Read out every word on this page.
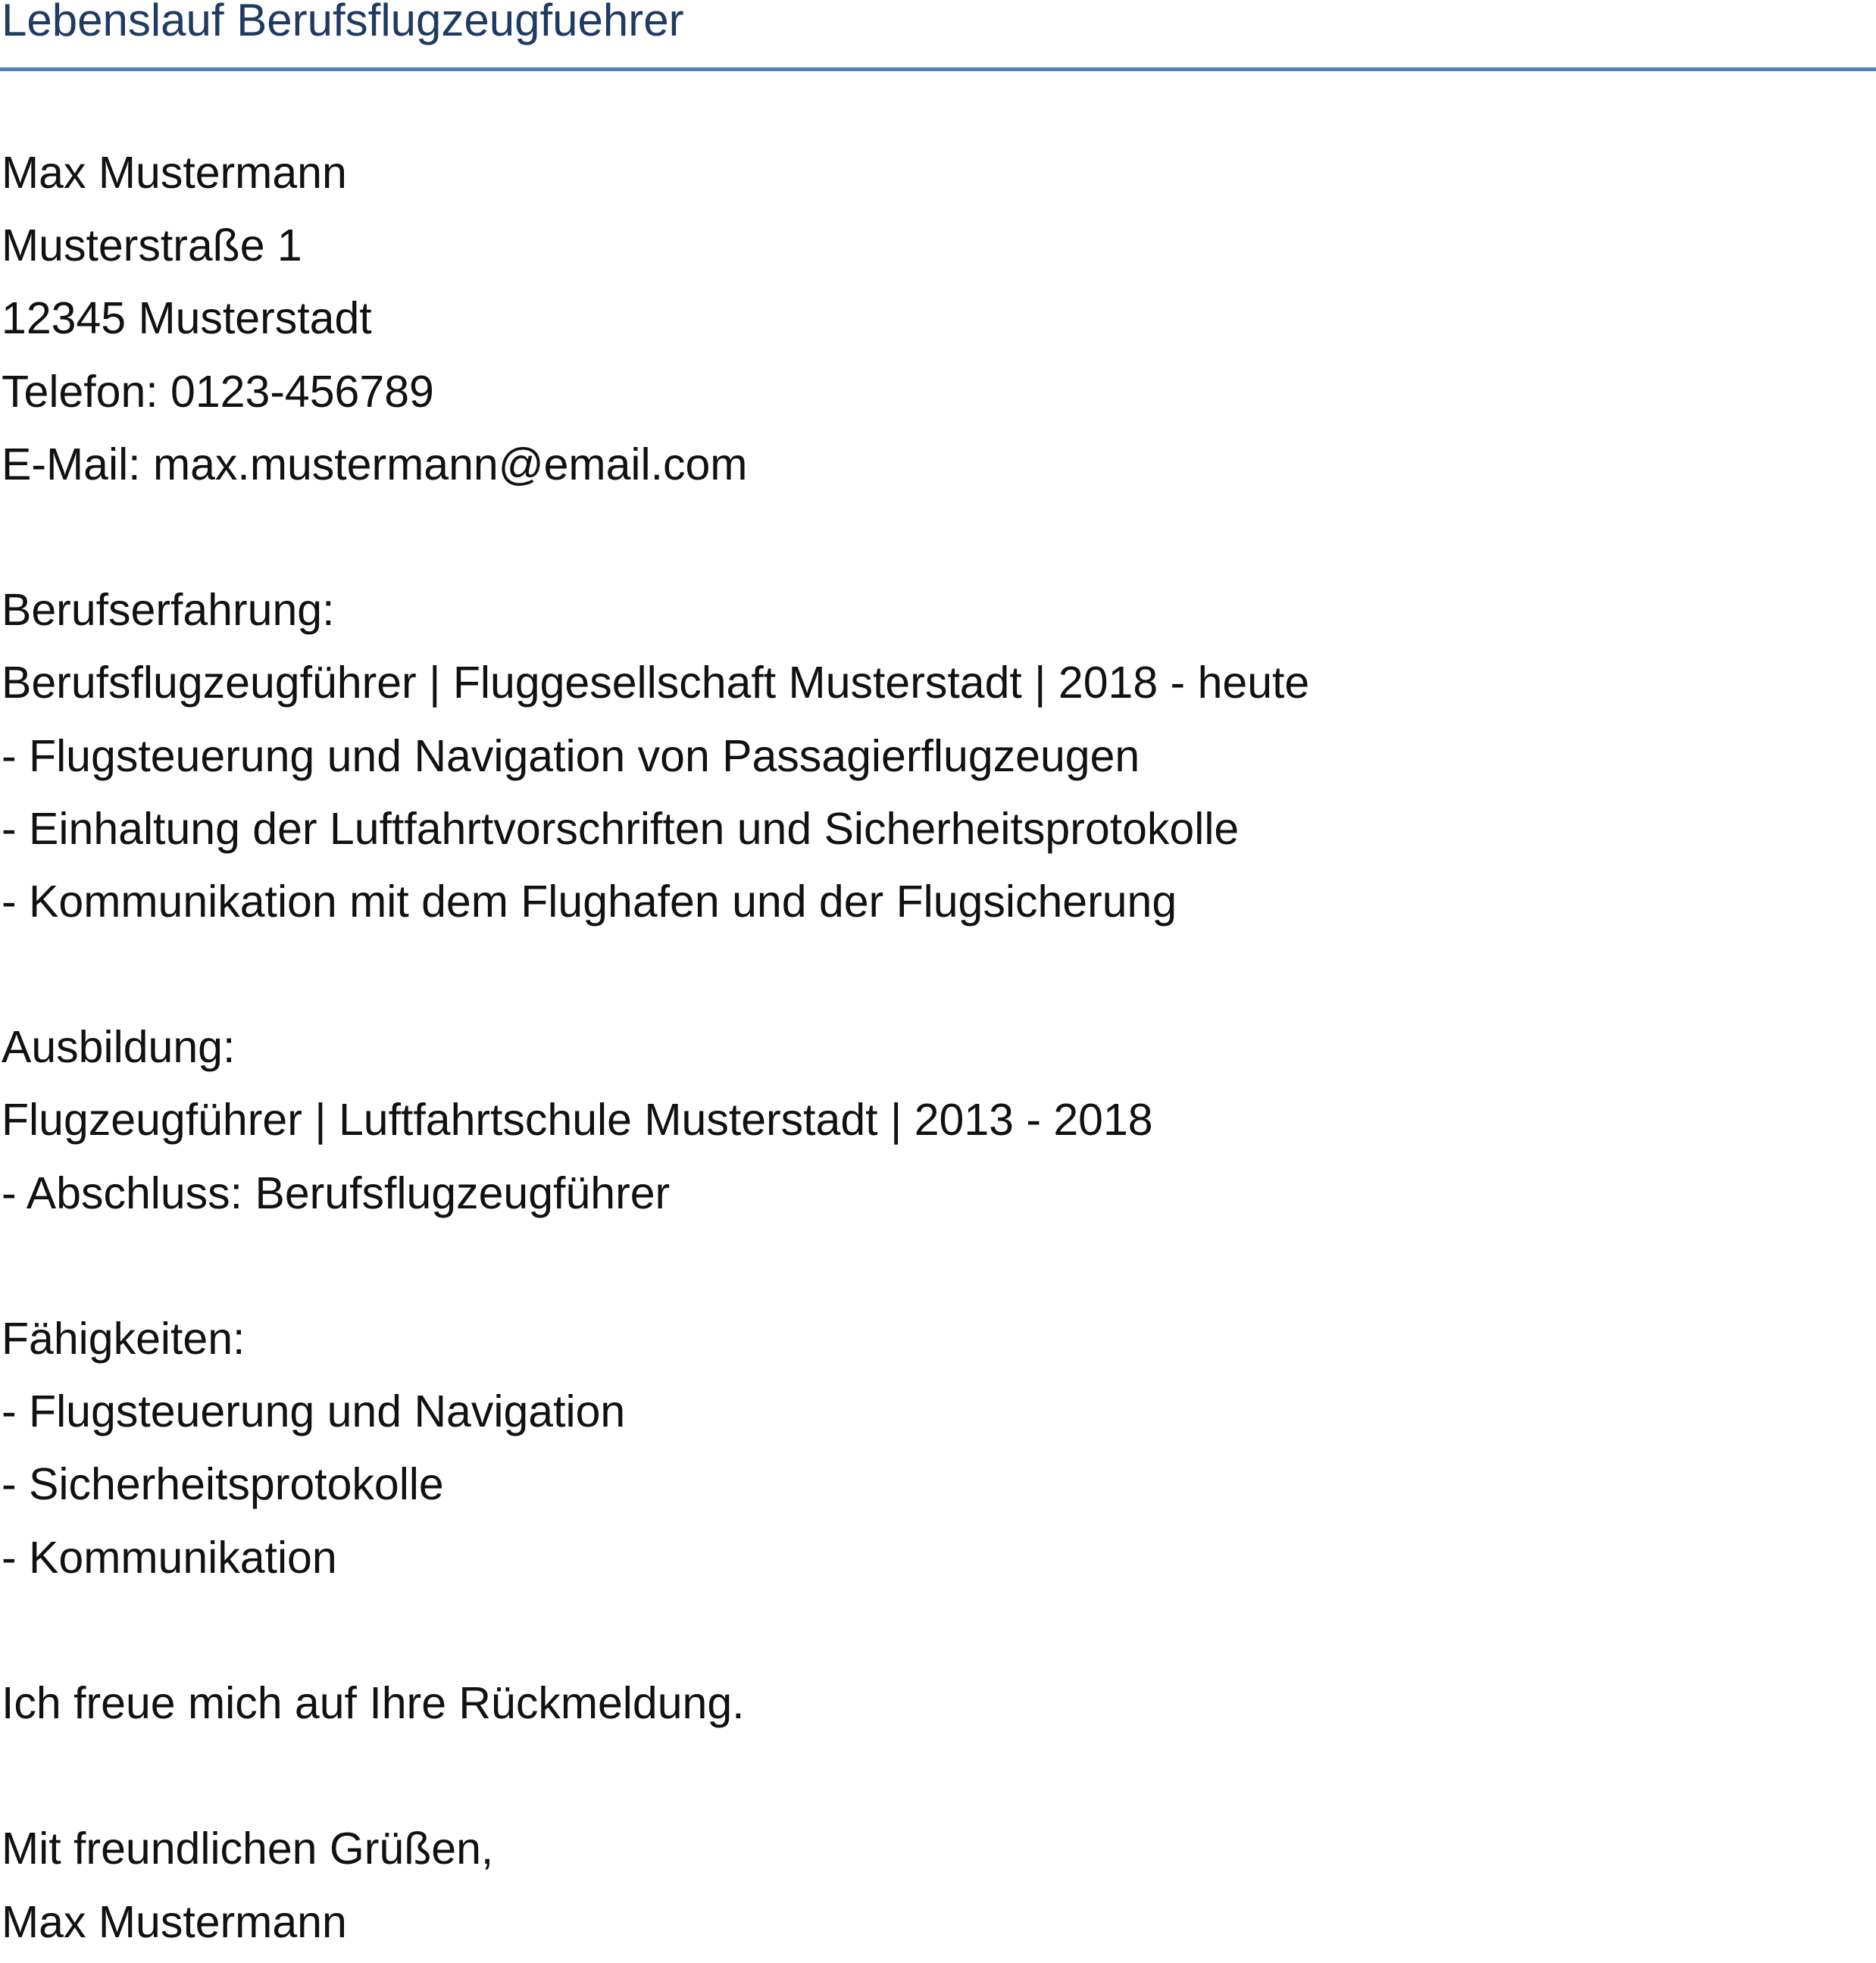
Lebenslauf Berufsflugzeugfuehrer
Max Mustermann
Musterstraße 1
12345 Musterstadt
Telefon: 0123-456789
E-Mail: max.mustermann@email.com
Berufserfahrung:
Berufsflugzeugführer | Fluggesellschaft Musterstadt | 2018 - heute
- Flugsteuerung und Navigation von Passagierflugzeugen
- Einhaltung der Luftfahrtvorschriften und Sicherheitsprotokolle
- Kommunikation mit dem Flughafen und der Flugsicherung
Ausbildung:
Flugzeugführer | Luftfahrtschule Musterstadt | 2013 - 2018
- Abschluss: Berufsflugzeugführer
Fähigkeiten:
- Flugsteuerung und Navigation
- Sicherheitsprotokolle
- Kommunikation
Ich freue mich auf Ihre Rückmeldung.
Mit freundlichen Grüßen,
Max Mustermann
